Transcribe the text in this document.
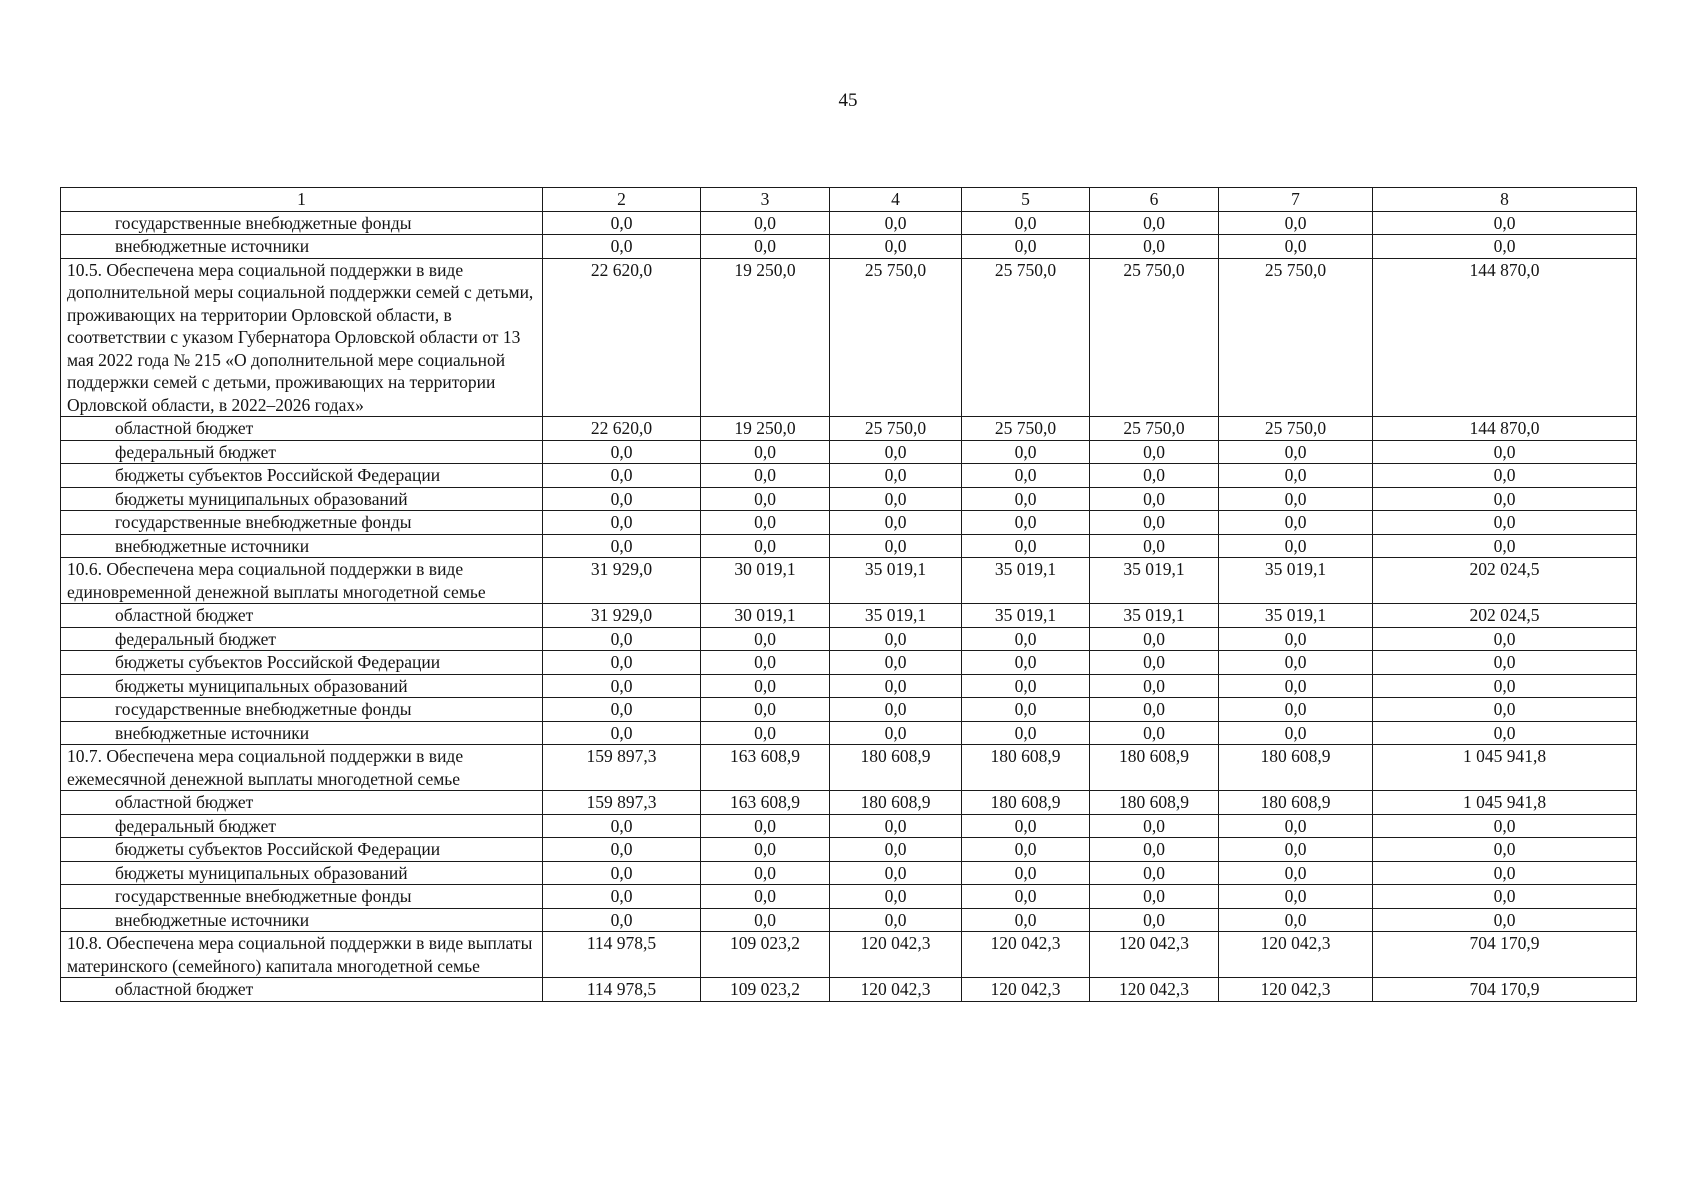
45
1	2	3	4	5	6	7	8
государственные внебюджетные фонды	0,0	0,0	0,0	0,0	0,0	0,0	0,0
внебюджетные источники	0,0	0,0	0,0	0,0	0,0	0,0	0,0
10.5. Обеспечена мера социальной поддержки в виде дополнительной меры социальной поддержки семей с детьми, проживающих на территории Орловской области, в соответствии с указом Губернатора Орловской области от 13 мая 2022 года № 215 «О дополнительной мере социальной поддержки семей с детьми, проживающих на территории Орловской области, в 2022–2026 годах»	22 620,0	19 250,0	25 750,0	25 750,0	25 750,0	25 750,0	144 870,0
областной бюджет	22 620,0	19 250,0	25 750,0	25 750,0	25 750,0	25 750,0	144 870,0
федеральный бюджет	0,0	0,0	0,0	0,0	0,0	0,0	0,0
бюджеты субъектов Российской Федерации	0,0	0,0	0,0	0,0	0,0	0,0	0,0
бюджеты муниципальных образований	0,0	0,0	0,0	0,0	0,0	0,0	0,0
государственные внебюджетные фонды	0,0	0,0	0,0	0,0	0,0	0,0	0,0
внебюджетные источники	0,0	0,0	0,0	0,0	0,0	0,0	0,0
10.6. Обеспечена мера социальной поддержки в виде единовременной денежной выплаты многодетной семье	31 929,0	30 019,1	35 019,1	35 019,1	35 019,1	35 019,1	202 024,5
областной бюджет	31 929,0	30 019,1	35 019,1	35 019,1	35 019,1	35 019,1	202 024,5
федеральный бюджет	0,0	0,0	0,0	0,0	0,0	0,0	0,0
бюджеты субъектов Российской Федерации	0,0	0,0	0,0	0,0	0,0	0,0	0,0
бюджеты муниципальных образований	0,0	0,0	0,0	0,0	0,0	0,0	0,0
государственные внебюджетные фонды	0,0	0,0	0,0	0,0	0,0	0,0	0,0
внебюджетные источники	0,0	0,0	0,0	0,0	0,0	0,0	0,0
10.7. Обеспечена мера социальной поддержки в виде ежемесячной денежной выплаты многодетной семье	159 897,3	163 608,9	180 608,9	180 608,9	180 608,9	180 608,9	1 045 941,8
областной бюджет	159 897,3	163 608,9	180 608,9	180 608,9	180 608,9	180 608,9	1 045 941,8
федеральный бюджет	0,0	0,0	0,0	0,0	0,0	0,0	0,0
бюджеты субъектов Российской Федерации	0,0	0,0	0,0	0,0	0,0	0,0	0,0
бюджеты муниципальных образований	0,0	0,0	0,0	0,0	0,0	0,0	0,0
государственные внебюджетные фонды	0,0	0,0	0,0	0,0	0,0	0,0	0,0
внебюджетные источники	0,0	0,0	0,0	0,0	0,0	0,0	0,0
10.8. Обеспечена мера социальной поддержки в виде выплаты материнского (семейного) капитала многодетной семье	114 978,5	109 023,2	120 042,3	120 042,3	120 042,3	120 042,3	704 170,9
областной бюджет	114 978,5	109 023,2	120 042,3	120 042,3	120 042,3	120 042,3	704 170,9
